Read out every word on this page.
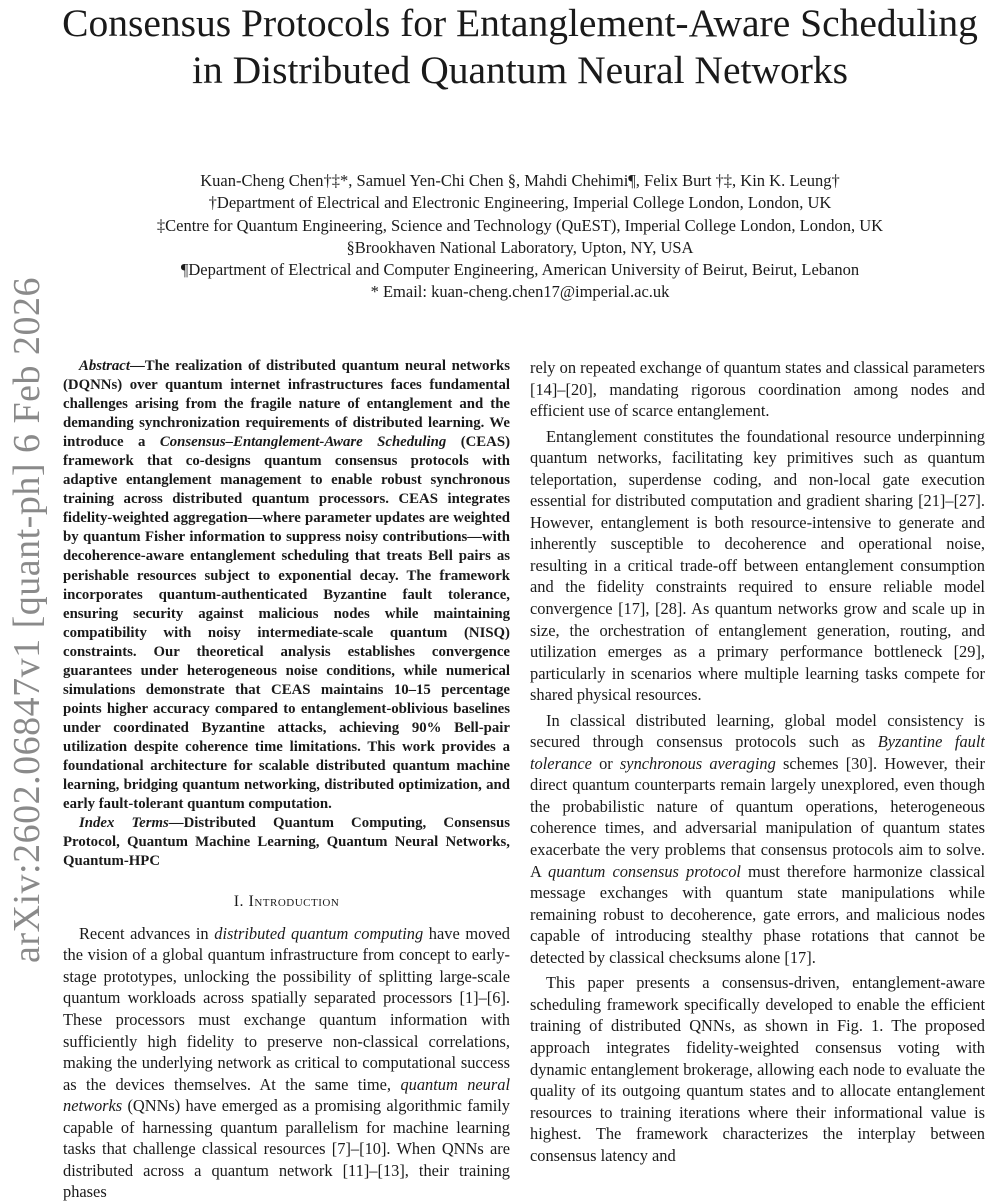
arXiv:2602.06847v1 [quant-ph] 6 Feb 2026
Consensus Protocols for Entanglement-Aware Scheduling in Distributed Quantum Neural Networks
Kuan-Cheng Chen†‡*, Samuel Yen-Chi Chen §, Mahdi Chehimi¶, Felix Burt †‡, Kin K. Leung†
†Department of Electrical and Electronic Engineering, Imperial College London, London, UK
‡Centre for Quantum Engineering, Science and Technology (QuEST), Imperial College London, London, UK
§Brookhaven National Laboratory, Upton, NY, USA
¶Department of Electrical and Computer Engineering, American University of Beirut, Beirut, Lebanon
* Email: kuan-cheng.chen17@imperial.ac.uk

Abstract—The realization of distributed quantum neural networks (DQNNs) over quantum internet infrastructures faces fundamental challenges arising from the fragile nature of entanglement and the demanding synchronization requirements of distributed learning. We introduce a Consensus–Entanglement-Aware Scheduling (CEAS) framework that co-designs quantum consensus protocols with adaptive entanglement management to enable robust synchronous training across distributed quantum processors. CEAS integrates fidelity-weighted aggregation—where parameter updates are weighted by quantum Fisher information to suppress noisy contributions—with decoherence-aware entanglement scheduling that treats Bell pairs as perishable resources subject to exponential decay. The framework incorporates quantum-authenticated Byzantine fault tolerance, ensuring security against malicious nodes while maintaining compatibility with noisy intermediate-scale quantum (NISQ) constraints. Our theoretical analysis establishes convergence guarantees under heterogeneous noise conditions, while numerical simulations demonstrate that CEAS maintains 10–15 percentage points higher accuracy compared to entanglement-oblivious baselines under coordinated Byzantine attacks, achieving 90% Bell-pair utilization despite coherence time limitations. This work provides a foundational architecture for scalable distributed quantum machine learning, bridging quantum networking, distributed optimization, and early fault-tolerant quantum computation.

Index Terms—Distributed Quantum Computing, Consensus Protocol, Quantum Machine Learning, Quantum Neural Networks, Quantum-HPC

I. Introduction

Recent advances in distributed quantum computing have moved the vision of a global quantum infrastructure from concept to early-stage prototypes, unlocking the possibility of splitting large-scale quantum workloads across spatially separated processors [1]–[6]. These processors must exchange quantum information with sufficiently high fidelity to preserve non-classical correlations, making the underlying network as critical to computational success as the devices themselves. At the same time, quantum neural networks (QNNs) have emerged as a promising algorithmic family capable of harnessing quantum parallelism for machine learning tasks that challenge classical resources [7]–[10]. When QNNs are distributed across a quantum network [11]–[13], their training phases

rely on repeated exchange of quantum states and classical parameters [14]–[20], mandating rigorous coordination among nodes and efficient use of scarce entanglement.

Entanglement constitutes the foundational resource underpinning quantum networks, facilitating key primitives such as quantum teleportation, superdense coding, and non-local gate execution essential for distributed computation and gradient sharing [21]–[27]. However, entanglement is both resource-intensive to generate and inherently susceptible to decoherence and operational noise, resulting in a critical trade-off between entanglement consumption and the fidelity constraints required to ensure reliable model convergence [17], [28]. As quantum networks grow and scale up in size, the orchestration of entanglement generation, routing, and utilization emerges as a primary performance bottleneck [29], particularly in scenarios where multiple learning tasks compete for shared physical resources.

In classical distributed learning, global model consistency is secured through consensus protocols such as Byzantine fault tolerance or synchronous averaging schemes [30]. However, their direct quantum counterparts remain largely unexplored, even though the probabilistic nature of quantum operations, heterogeneous coherence times, and adversarial manipulation of quantum states exacerbate the very problems that consensus protocols aim to solve. A quantum consensus protocol must therefore harmonize classical message exchanges with quantum state manipulations while remaining robust to decoherence, gate errors, and malicious nodes capable of introducing stealthy phase rotations that cannot be detected by classical checksums alone [17].

This paper presents a consensus-driven, entanglement-aware scheduling framework specifically developed to enable the efficient training of distributed QNNs, as shown in Fig. 1. The proposed approach integrates fidelity-weighted consensus voting with dynamic entanglement brokerage, allowing each node to evaluate the quality of its outgoing quantum states and to allocate entanglement resources to training iterations where their informational value is highest. The framework characterizes the interplay between consensus latency and
